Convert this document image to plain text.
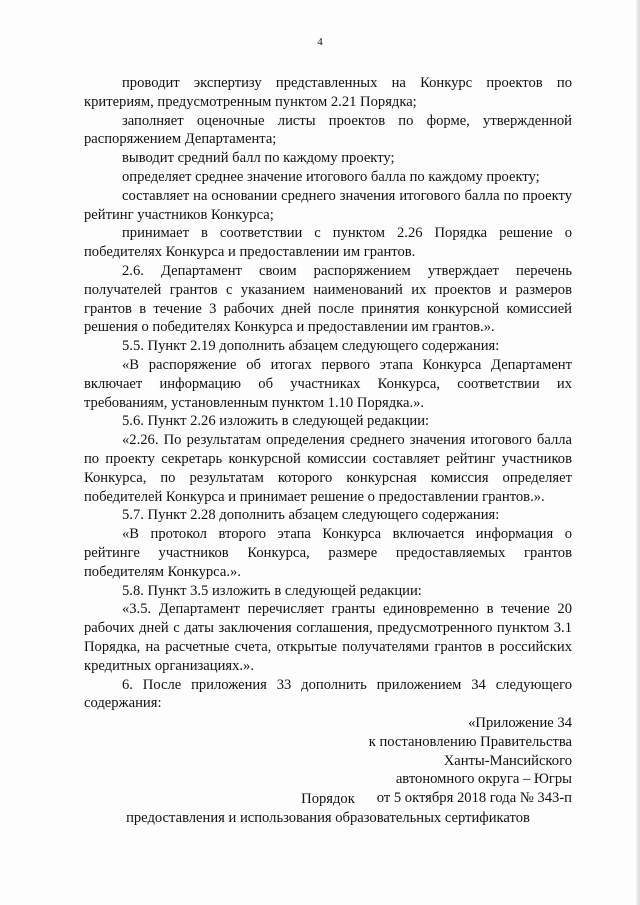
4

проводит экспертизу представленных на Конкурс проектов по критериям, предусмотренным пунктом 2.21 Порядка;

заполняет оценочные листы проектов по форме, утвержденной распоряжением Департамента;

выводит средний балл по каждому проекту;

определяет среднее значение итогового балла по каждому проекту;

составляет на основании среднего значения итогового балла по проекту рейтинг участников Конкурса;

принимает в соответствии с пунктом 2.26 Порядка решение о победителях Конкурса и предоставлении им грантов.

2.6. Департамент своим распоряжением утверждает перечень получателей грантов с указанием наименований их проектов и размеров грантов в течение 3 рабочих дней после принятия конкурсной комиссией решения о победителях Конкурса и предоставлении им грантов.».

5.5. Пункт 2.19 дополнить абзацем следующего содержания:

«В распоряжение об итогах первого этапа Конкурса Департамент включает информацию об участниках Конкурса, соответствии их требованиям, установленным пунктом 1.10 Порядка.».

5.6. Пункт 2.26 изложить в следующей редакции:

«2.26. По результатам определения среднего значения итогового балла по проекту секретарь конкурсной комиссии составляет рейтинг участников Конкурса, по результатам которого конкурсная комиссия определяет победителей Конкурса и принимает решение о предоставлении грантов.».

5.7. Пункт 2.28 дополнить абзацем следующего содержания:

«В протокол второго этапа Конкурса включается информация о рейтинге участников Конкурса, размере предоставляемых грантов победителям Конкурса.».

5.8. Пункт 3.5 изложить в следующей редакции:

«3.5. Департамент перечисляет гранты единовременно в течение 20 рабочих дней с даты заключения соглашения, предусмотренного пунктом 3.1 Порядка, на расчетные счета, открытые получателями грантов в российских кредитных организациях.».

6. После приложения 33 дополнить приложением 34 следующего содержания:

«Приложение 34
к постановлению Правительства
Ханты-Мансийского
автономного округа – Югры
от 5 октября 2018 года № 343-п
Порядок
предоставления и использования образовательных сертификатов
